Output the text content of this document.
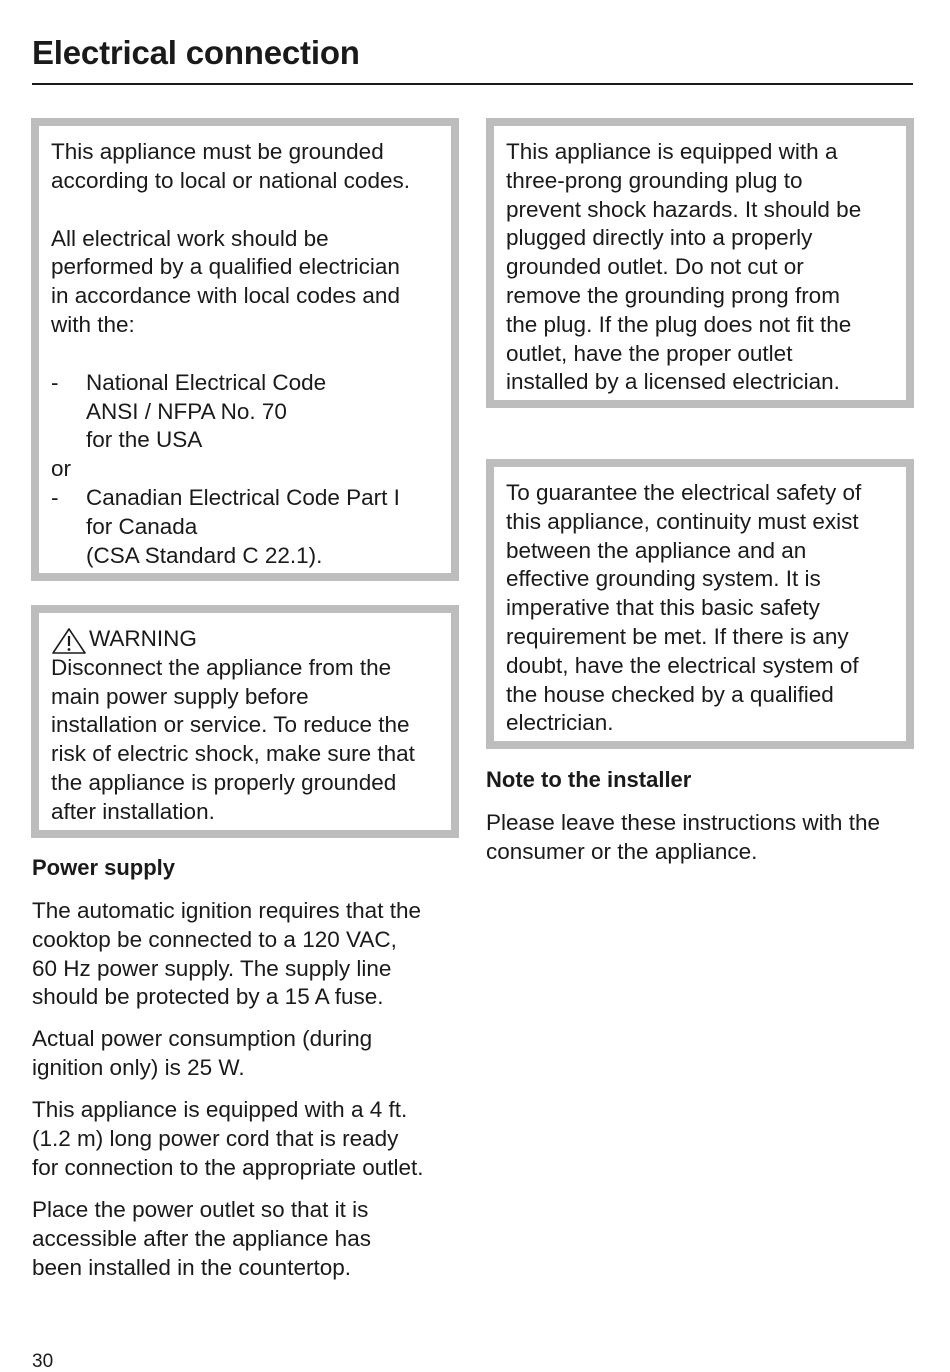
Electrical connection
This appliance must be grounded
according to local or national codes.
All electrical work should be
performed by a qualified electrician
in accordance with local codes and
with the:
-	National Electrical Code
ANSI / NFPA No. 70
for the USA
or
-	Canadian Electrical Code Part I
for Canada
(CSA Standard C 22.1).
WARNING
Disconnect the appliance from the
main power supply before
installation or service. To reduce the
risk of electric shock, make sure that
the appliance is properly grounded
after installation.
Power supply
The automatic ignition requires that the
cooktop be connected to a 120 VAC,
60 Hz power supply. The supply line
should be protected by a 15 A fuse.
Actual power consumption (during
ignition only) is 25 W.
This appliance is equipped with a 4 ft.
(1.2 m) long power cord that is ready
for connection to the appropriate outlet.
Place the power outlet so that it is
accessible after the appliance has
been installed in the countertop.
This appliance is equipped with a
three-prong grounding plug to
prevent shock hazards. It should be
plugged directly into a properly
grounded outlet. Do not cut or
remove the grounding prong from
the plug. If the plug does not fit the
outlet, have the proper outlet
installed by a licensed electrician.
To guarantee the electrical safety of
this appliance, continuity must exist
between the appliance and an
effective grounding system. It is
imperative that this basic safety
requirement be met. If there is any
doubt, have the electrical system of
the house checked by a qualified
electrician.
Note to the installer
Please leave these instructions with the
consumer or the appliance.
30
